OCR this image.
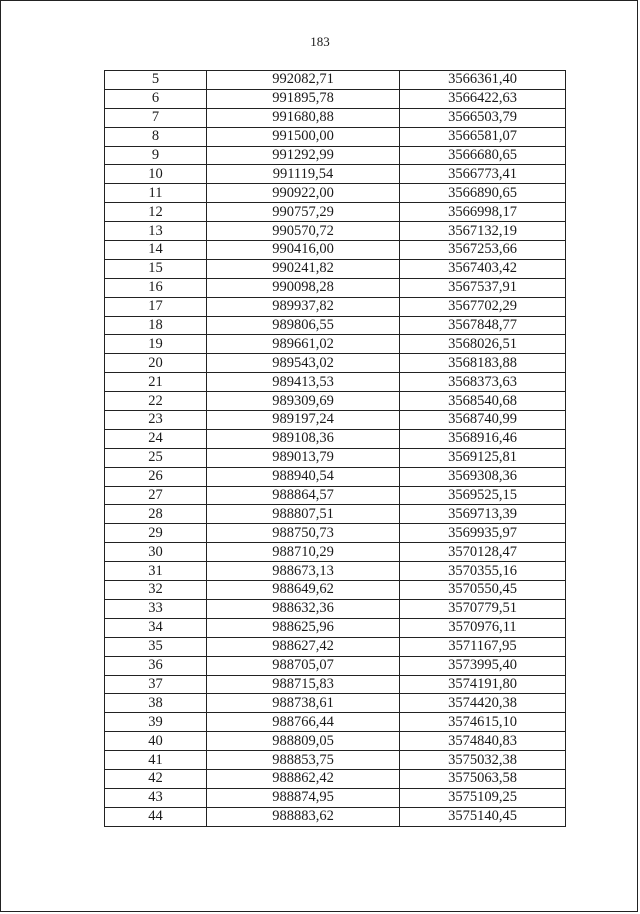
183
5	992082,71	3566361,40
6	991895,78	3566422,63
7	991680,88	3566503,79
8	991500,00	3566581,07
9	991292,99	3566680,65
10	991119,54	3566773,41
11	990922,00	3566890,65
12	990757,29	3566998,17
13	990570,72	3567132,19
14	990416,00	3567253,66
15	990241,82	3567403,42
16	990098,28	3567537,91
17	989937,82	3567702,29
18	989806,55	3567848,77
19	989661,02	3568026,51
20	989543,02	3568183,88
21	989413,53	3568373,63
22	989309,69	3568540,68
23	989197,24	3568740,99
24	989108,36	3568916,46
25	989013,79	3569125,81
26	988940,54	3569308,36
27	988864,57	3569525,15
28	988807,51	3569713,39
29	988750,73	3569935,97
30	988710,29	3570128,47
31	988673,13	3570355,16
32	988649,62	3570550,45
33	988632,36	3570779,51
34	988625,96	3570976,11
35	988627,42	3571167,95
36	988705,07	3573995,40
37	988715,83	3574191,80
38	988738,61	3574420,38
39	988766,44	3574615,10
40	988809,05	3574840,83
41	988853,75	3575032,38
42	988862,42	3575063,58
43	988874,95	3575109,25
44	988883,62	3575140,45
